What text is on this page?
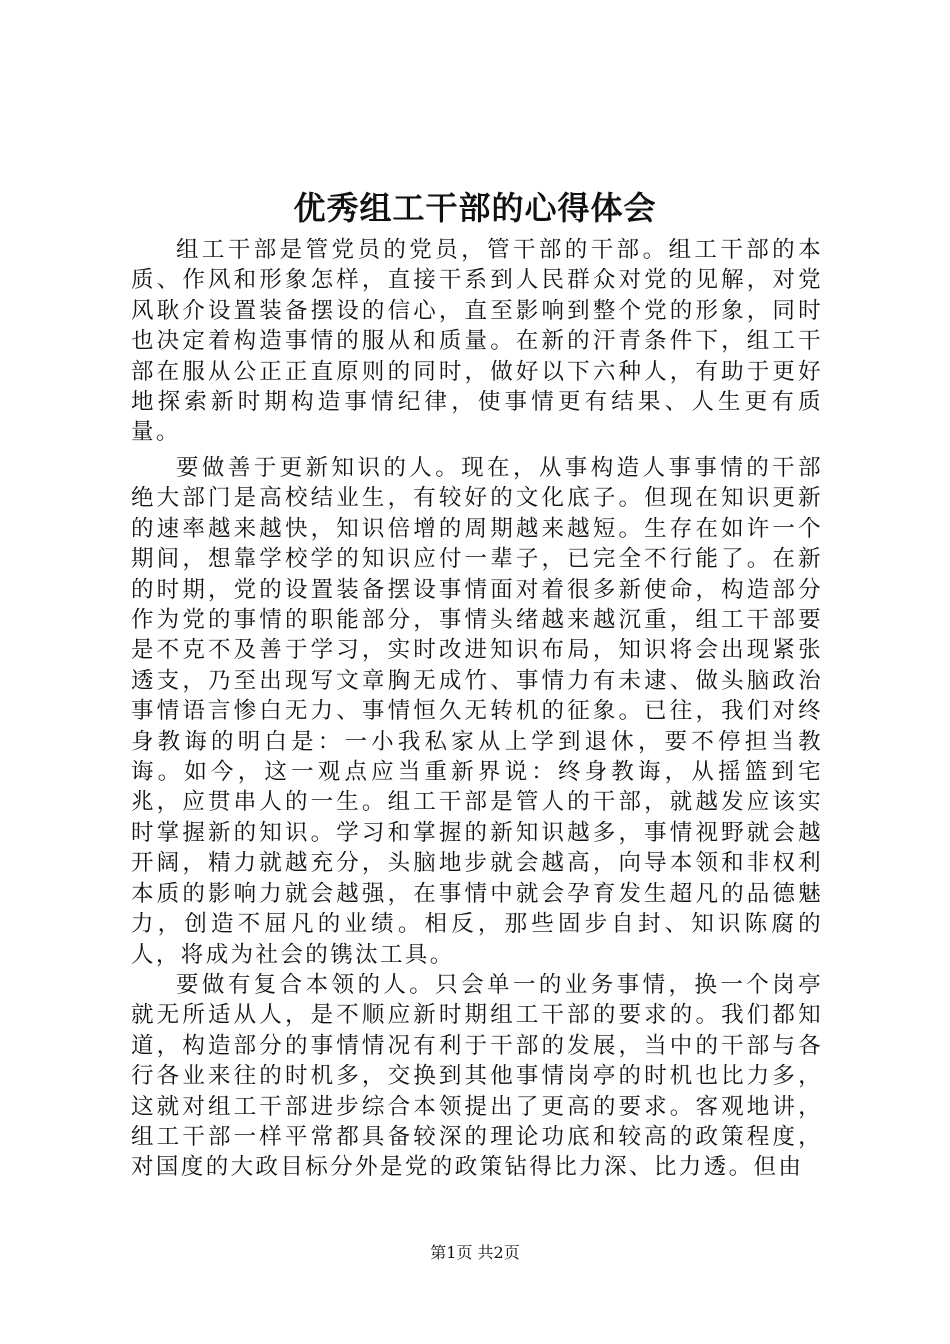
优秀组工干部的心得体会

组工干部是管党员的党员，管干部的干部。组工干部的本质、作风和形象怎样，直接干系到人民群众对党的见解，对党风耿介设置装备摆设的信心，直至影响到整个党的形象，同时也决定着构造事情的服从和质量。在新的汗青条件下，组工干部在服从公正正直原则的同时，做好以下六种人，有助于更好地探索新时期构造事情纪律，使事情更有结果、人生更有质量。

要做善于更新知识的人。现在，从事构造人事事情的干部绝大部门是高校结业生，有较好的文化底子。但现在知识更新的速率越来越快，知识倍增的周期越来越短。生存在如许一个期间，想靠学校学的知识应付一辈子，已完全不行能了。在新的时期，党的设置装备摆设事情面对着很多新使命，构造部分作为党的事情的职能部分，事情头绪越来越沉重，组工干部要是不克不及善于学习，实时改进知识布局，知识将会出现紧张透支，乃至出现写文章胸无成竹、事情力有未逮、做头脑政治事情语言惨白无力、事情恒久无转机的征象。已往，我们对终身教诲的明白是：一小我私家从上学到退休，要不停担当教诲。如今，这一观点应当重新界说：终身教诲，从摇篮到宅兆，应贯串人的一生。组工干部是管人的干部，就越发应该实时掌握新的知识。学习和掌握的新知识越多，事情视野就会越开阔，精力就越充分，头脑地步就会越高，向导本领和非权利本质的影响力就会越强，在事情中就会孕育发生超凡的品德魅力，创造不屈凡的业绩。相反，那些固步自封、知识陈腐的人，将成为社会的镌汰工具。

要做有复合本领的人。只会单一的业务事情，换一个岗亭就无所适从人，是不顺应新时期组工干部的要求的。我们都知道，构造部分的事情情况有利于干部的发展，当中的干部与各行各业来往的时机多，交换到其他事情岗亭的时机也比力多，这就对组工干部进步综合本领提出了更高的要求。客观地讲，组工干部一样平常都具备较深的理论功底和较高的政策程度，对国度的大政目标分外是党的政策钻得比力深、比力透。但由

第1页 共2页
